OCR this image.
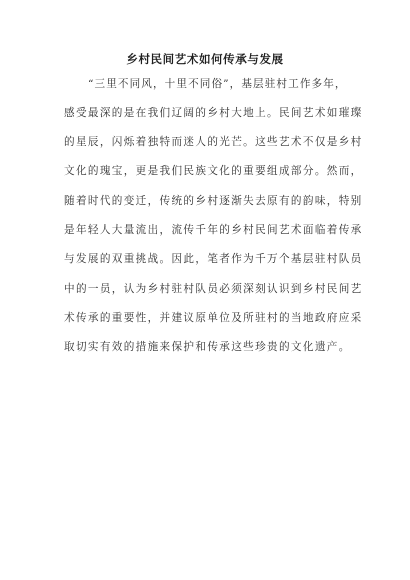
乡村民间艺术如何传承与发展
“三里不同风，十里不同俗”，基层驻村工作多年，
感受最深的是在我们辽阔的乡村大地上。民间艺术如璀璨
的星辰，闪烁着独特而迷人的光芒。这些艺术不仅是乡村
文化的瑰宝，更是我们民族文化的重要组成部分。然而，
随着时代的变迁，传统的乡村逐渐失去原有的韵味，特别
是年轻人大量流出，流传千年的乡村民间艺术面临着传承
与发展的双重挑战。因此，笔者作为千万个基层驻村队员
中的一员，认为乡村驻村队员必须深刻认识到乡村民间艺
术传承的重要性，并建议原单位及所驻村的当地政府应采
取切实有效的措施来保护和传承这些珍贵的文化遗产。
